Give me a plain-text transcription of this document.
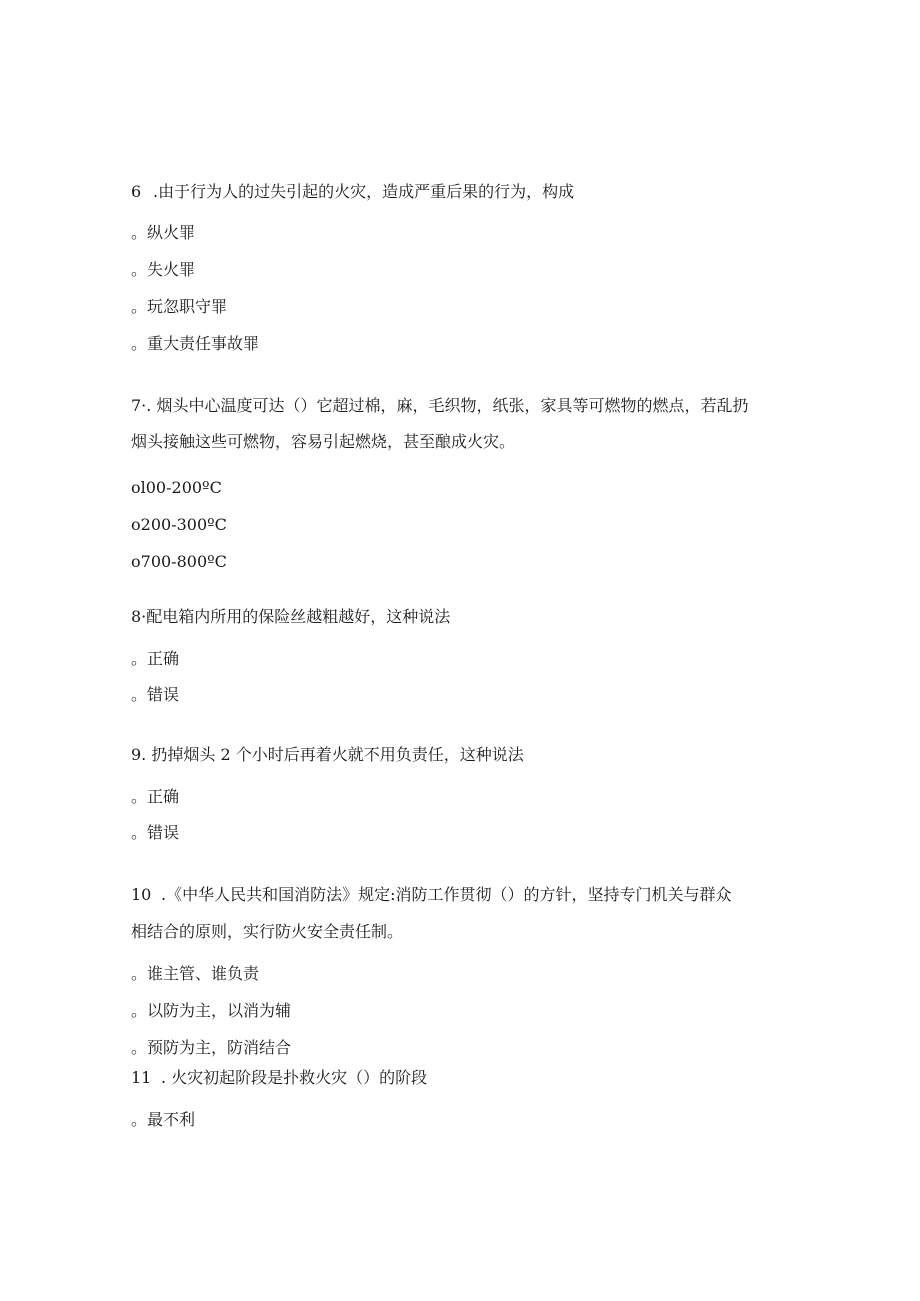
6 .由于行为人的过失引起的火灾，造成严重后果的行为，构成
。纵火罪
。失火罪
。玩忽职守罪
。重大责任事故罪
7·. 烟头中心温度可达（）它超过棉，麻，毛织物，纸张，家具等可燃物的燃点，若乱扔
烟头接触这些可燃物，容易引起燃烧，甚至酿成火灾。
ol00-200ºC
o200-300ºC
o700-800ºC
8·配电箱内所用的保险丝越粗越好，这种说法
。正确
。错误
9. 扔掉烟头 2 个小时后再着火就不用负责任，这种说法
。正确
。错误
10 .《中华人民共和国消防法》规定:消防工作贯彻（）的方针，坚持专门机关与群众
相结合的原则，实行防火安全责任制。
。谁主管、谁负责
。以防为主，以消为辅
。预防为主，防消结合
11 . 火灾初起阶段是扑救火灾（）的阶段
。最不利
